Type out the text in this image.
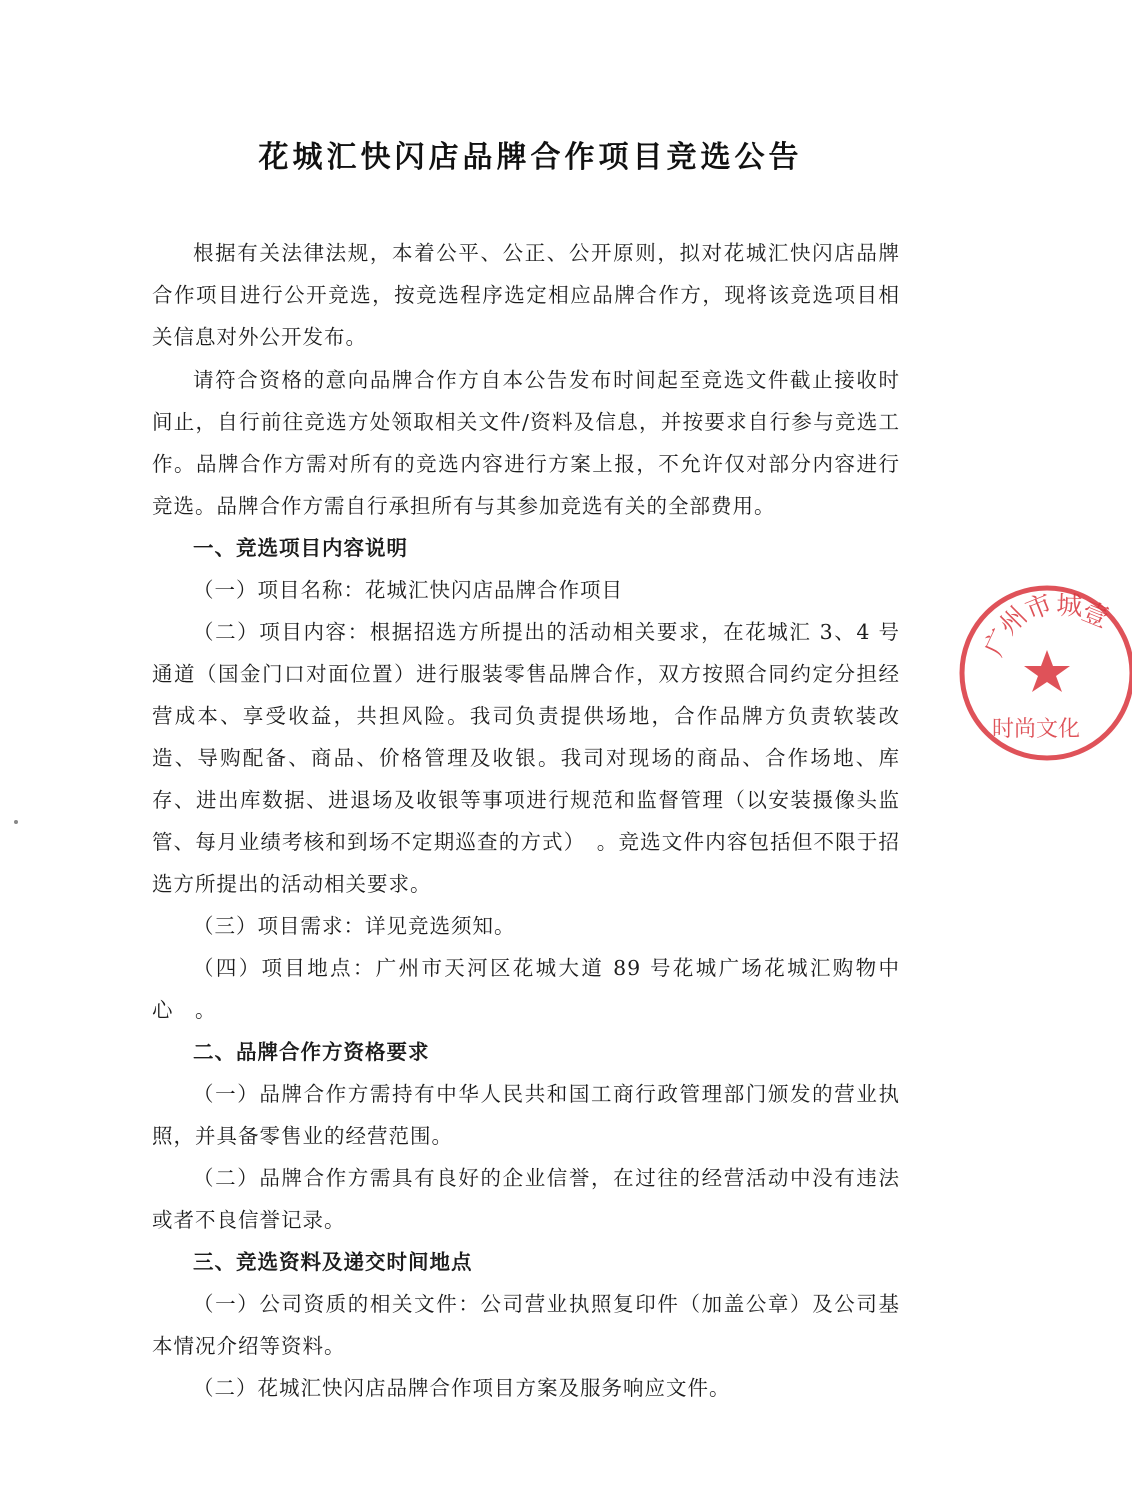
花城汇快闪店品牌合作项目竞选公告

根据有关法律法规，本着公平、公正、公开原则，拟对花城汇快闪店品牌合作项目进行公开竞选，按竞选程序选定相应品牌合作方，现将该竞选项目相关信息对外公开发布。

请符合资格的意向品牌合作方自本公告发布时间起至竞选文件截止接收时间止，自行前往竞选方处领取相关文件/资料及信息，并按要求自行参与竞选工作。品牌合作方需对所有的竞选内容进行方案上报，不允许仅对部分内容进行竞选。品牌合作方需自行承担所有与其参加竞选有关的全部费用。

一、竞选项目内容说明

（一）项目名称：花城汇快闪店品牌合作项目

（二）项目内容：根据招选方所提出的活动相关要求，在花城汇 3、4 号通道（国金门口对面位置）进行服装零售品牌合作，双方按照合同约定分担经营成本、享受收益，共担风险。我司负责提供场地，合作品牌方负责软装改造、导购配备、商品、价格管理及收银。我司对现场的商品、合作场地、库存、进出库数据、进退场及收银等事项进行规范和监督管理（以安装摄像头监管、每月业绩考核和到场不定期巡查的方式）　。竞选文件内容包括但不限于招选方所提出的活动相关要求。

（三）项目需求：详见竞选须知。

（四）项目地点：广州市天河区花城大道 89 号花城广场花城汇购物中心　。

二、品牌合作方资格要求

（一）品牌合作方需持有中华人民共和国工商行政管理部门颁发的营业执照，并具备零售业的经营范围。

（二）品牌合作方需具有良好的企业信誉，在过往的经营活动中没有违法或者不良信誉记录。

三、竞选资料及递交时间地点

（一）公司资质的相关文件：公司营业执照复印件（加盖公章）及公司基本情况介绍等资料。

（二）花城汇快闪店品牌合作项目方案及服务响应文件。

广
州
市 城
壹
时尚文化
